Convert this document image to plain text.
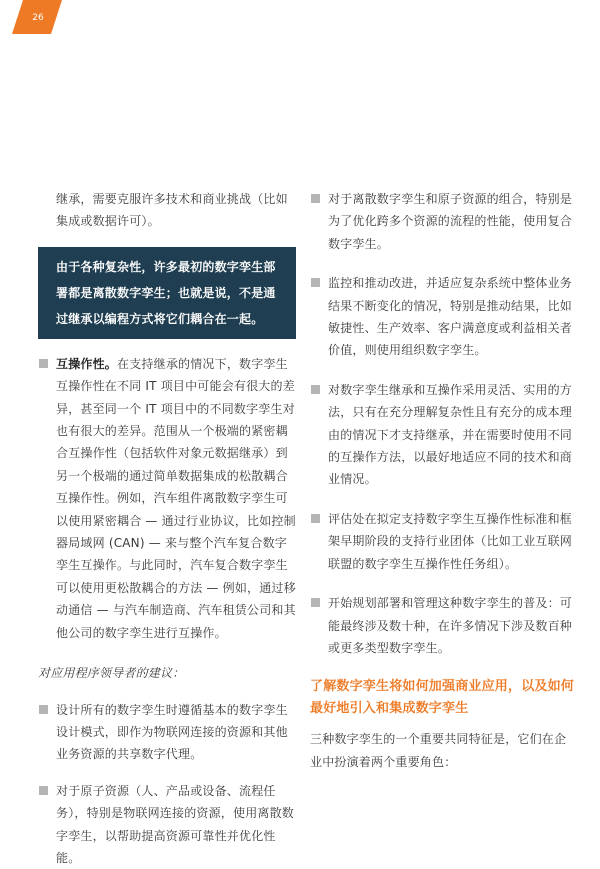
26

继承，需要克服许多技术和商业挑战（比如集成或数据许可）。

由于各种复杂性，许多最初的数字孪生部署都是离散数字孪生；也就是说，不是通过继承以编程方式将它们耦合在一起。

互操作性。在支持继承的情况下，数字孪生互操作性在不同 IT 项目中可能会有很大的差异，甚至同一个 IT 项目中的不同数字孪生对也有很大的差异。范围从一个极端的紧密耦合互操作性（包括软件对象元数据继承）到另一个极端的通过简单数据集成的松散耦合互操作性。例如，汽车组件离散数字孪生可以使用紧密耦合 — 通过行业协议，比如控制器局域网 (CAN) — 来与整个汽车复合数字孪生互操作。与此同时，汽车复合数字孪生可以使用更松散耦合的方法 — 例如，通过移动通信 — 与汽车制造商、汽车租赁公司和其他公司的数字孪生进行互操作。

对应用程序领导者的建议：

设计所有的数字孪生时遵循基本的数字孪生设计模式，即作为物联网连接的资源和其他业务资源的共享数字代理。

对于原子资源（人、产品或设备、流程任务），特别是物联网连接的资源，使用离散数字孪生，以帮助提高资源可靠性并优化性能。

对于离散数字孪生和原子资源的组合，特别是为了优化跨多个资源的流程的性能，使用复合数字孪生。

监控和推动改进，并适应复杂系统中整体业务结果不断变化的情况，特别是推动结果，比如敏捷性、生产效率、客户满意度或利益相关者价值，则使用组织数字孪生。

对数字孪生继承和互操作采用灵活、实用的方法，只有在充分理解复杂性且有充分的成本理由的情况下才支持继承，并在需要时使用不同的互操作方法，以最好地适应不同的技术和商业情况。

评估处在拟定支持数字孪生互操作性标准和框架早期阶段的支持行业团体（比如工业互联网联盟的数字孪生互操作性任务组）。

开始规划部署和管理这种数字孪生的普及：可能最终涉及数十种，在许多情况下涉及数百种或更多类型数字孪生。

了解数字孪生将如何加强商业应用，以及如何最好地引入和集成数字孪生

三种数字孪生的一个重要共同特征是，它们在企业中扮演着两个重要角色：
